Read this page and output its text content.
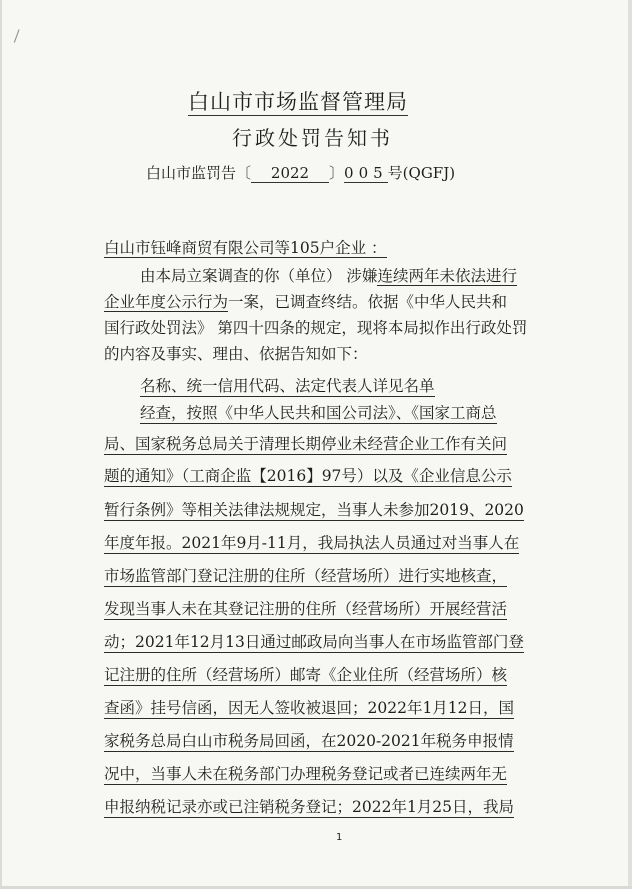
白山市市场监督管理局
行政处罚告知书
白山市监罚告〔 2022 〕005号(QGFJ)
白山市钰峰商贸有限公司等105户企业 ：
由本局立案调查的你（单位） 涉嫌连续两年未依法进行
企业年度公示行为一案，已调查终结。依据《中华人民共和
国行政处罚法》 第四十四条的规定，现将本局拟作出行政处罚
的内容及事实、理由、依据告知如下：
名称、统一信用代码、法定代表人详见名单
经查，按照《中华人民共和国公司法》、《国家工商总
局、国家税务总局关于清理长期停业未经营企业工作有关问
题的通知》（工商企监【2016】97号）以及《企业信息公示
暂行条例》等相关法律法规规定，当事人未参加2019、2020
年度年报。2021年9月-11月，我局执法人员通过对当事人在
市场监管部门登记注册的住所（经营场所）进行实地核查，
发现当事人未在其登记注册的住所（经营场所）开展经营活
动；2021年12月13日通过邮政局向当事人在市场监管部门登
记注册的住所（经营场所）邮寄《企业住所（经营场所）核
查函》挂号信函，因无人签收被退回；2022年1月12日，国
家税务总局白山市税务局回函，在2020-2021年税务申报情
况中，当事人未在税务部门办理税务登记或者已连续两年无
申报纳税记录亦或已注销税务登记；2022年1月25日，我局
1
